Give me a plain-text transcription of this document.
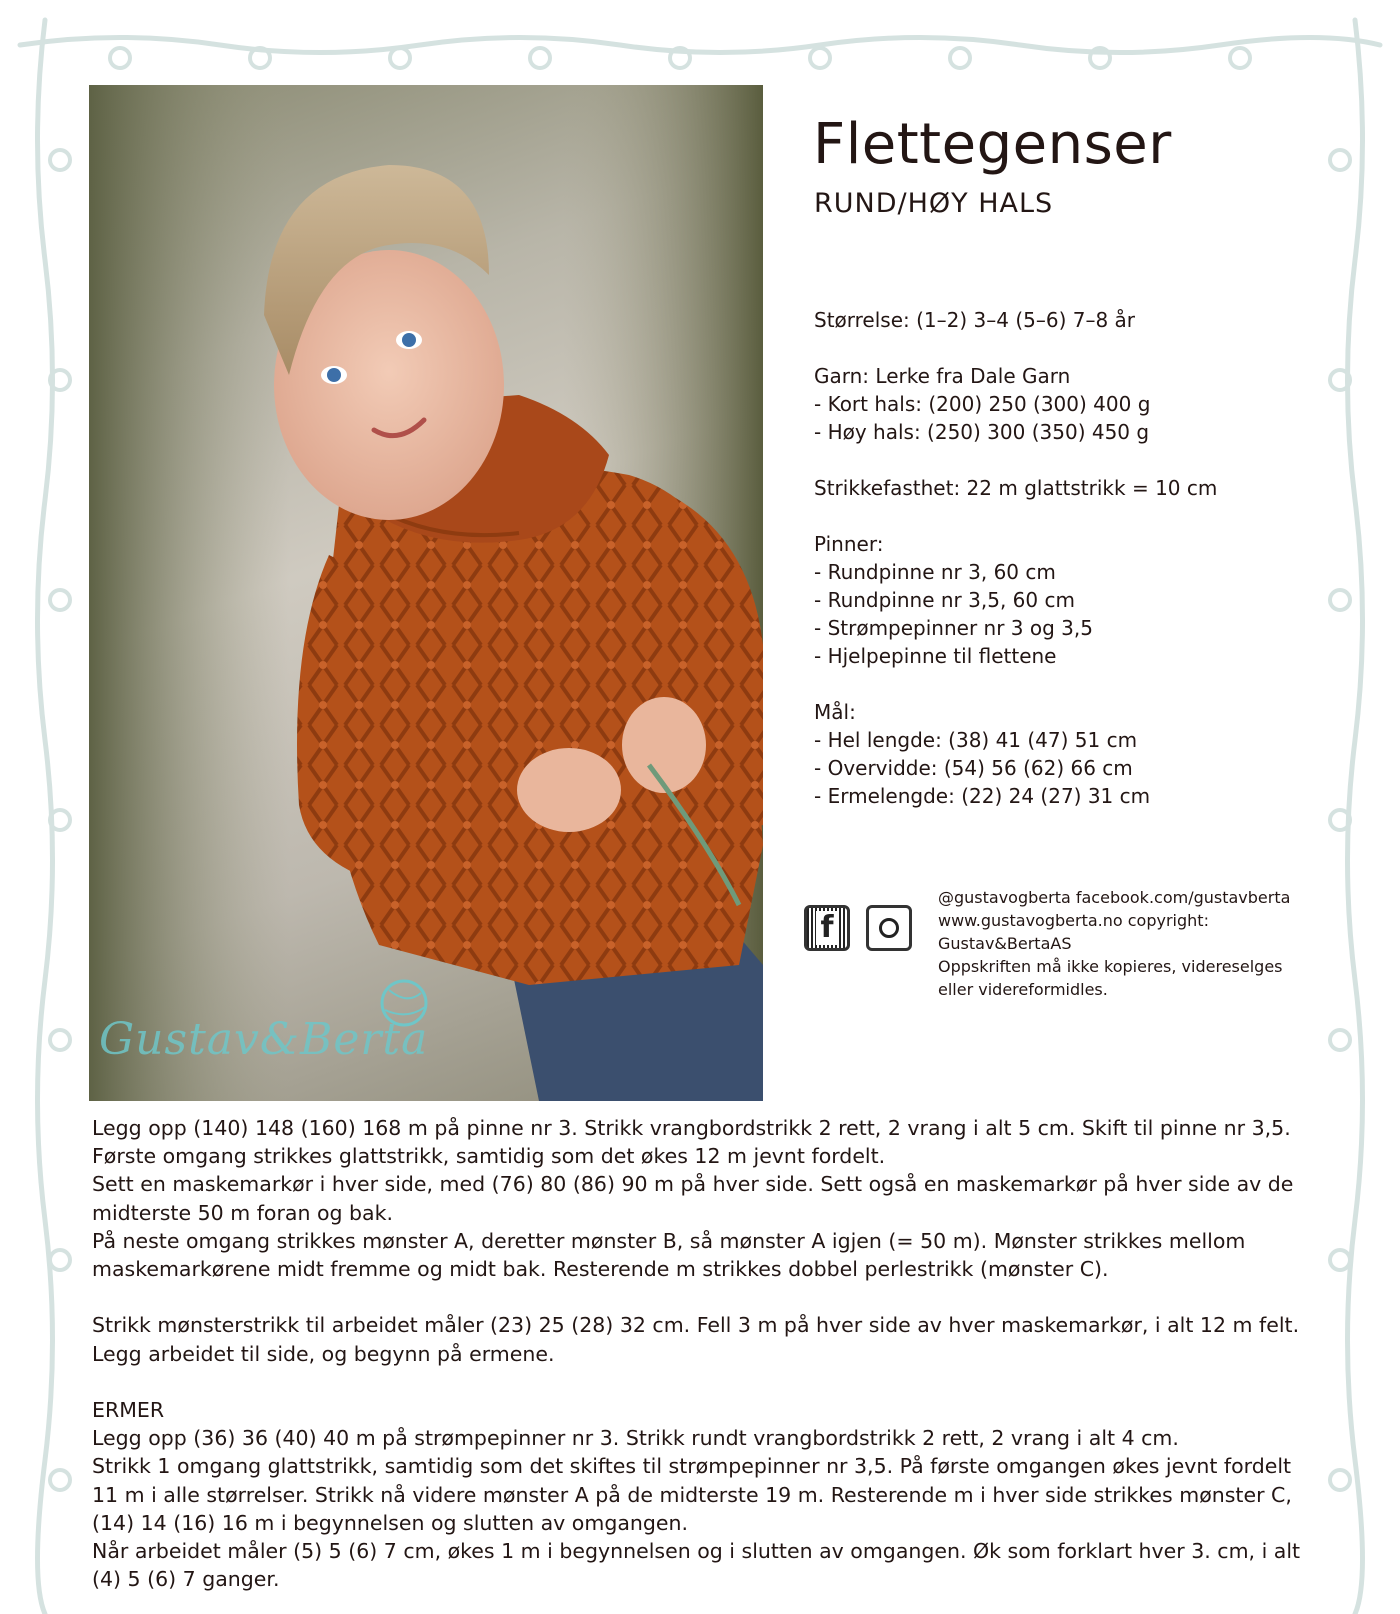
Gustav&Berta
Flettegenser
RUND/HØY HALS
Størrelse: (1–2) 3–4 (5–6) 7–8 år
Garn: Lerke fra Dale Garn
- Kort hals: (200) 250 (300) 400 g
- Høy hals: (250) 300 (350) 450 g
Strikkefasthet: 22 m glattstrikk = 10 cm
Pinner:
- Rundpinne nr 3, 60 cm
- Rundpinne nr 3,5, 60 cm
- Strømpepinner nr 3 og 3,5
- Hjelpepinne til flettene
Mål:
- Hel lengde: (38) 41 (47) 51 cm
- Overvidde: (54) 56 (62) 66 cm
- Ermelengde: (22) 24 (27) 31 cm
f
@gustavogberta facebook.com/gustavberta
www.gustavogberta.no copyright:
Gustav&BertaAS
Oppskriften må ikke kopieres, videreselges
eller videreformidles.

Legg opp (140) 148 (160) 168 m på pinne nr 3. Strikk vrangbordstrikk 2 rett, 2 vrang i alt 5 cm. Skift til pinne nr 3,5. Første omgang strikkes glattstrikk, samtidig som det økes 12 m jevnt fordelt.

Sett en maskemarkør i hver side, med (76) 80 (86) 90 m på hver side. Sett også en maskemarkør på hver side av de midterste 50 m foran og bak.

På neste omgang strikkes mønster A, deretter mønster B, så mønster A igjen (= 50 m). Mønster strikkes mellom maskemarkørene midt fremme og midt bak. Resterende m strikkes dobbel perlestrikk (mønster C).

Strikk mønsterstrikk til arbeidet måler (23) 25 (28) 32 cm. Fell 3 m på hver side av hver maskemarkør, i alt 12 m felt.

Legg arbeidet til side, og begynn på ermene.

ERMER

Legg opp (36) 36 (40) 40 m på strømpepinner nr 3. Strikk rundt vrangbordstrikk 2 rett, 2 vrang i alt 4 cm.

Strikk 1 omgang glattstrikk, samtidig som det skiftes til strømpepinner nr 3,5. På første omgangen økes jevnt fordelt 11 m i alle størrelser. Strikk nå videre mønster A på de midterste 19 m. Resterende m i hver side strikkes mønster C, (14) 14 (16) 16 m i begynnelsen og slutten av omgangen.

Når arbeidet måler (5) 5 (6) 7 cm, økes 1 m i begynnelsen og i slutten av omgangen. Øk som forklart hver 3. cm, i alt (4) 5 (6) 7 ganger.
